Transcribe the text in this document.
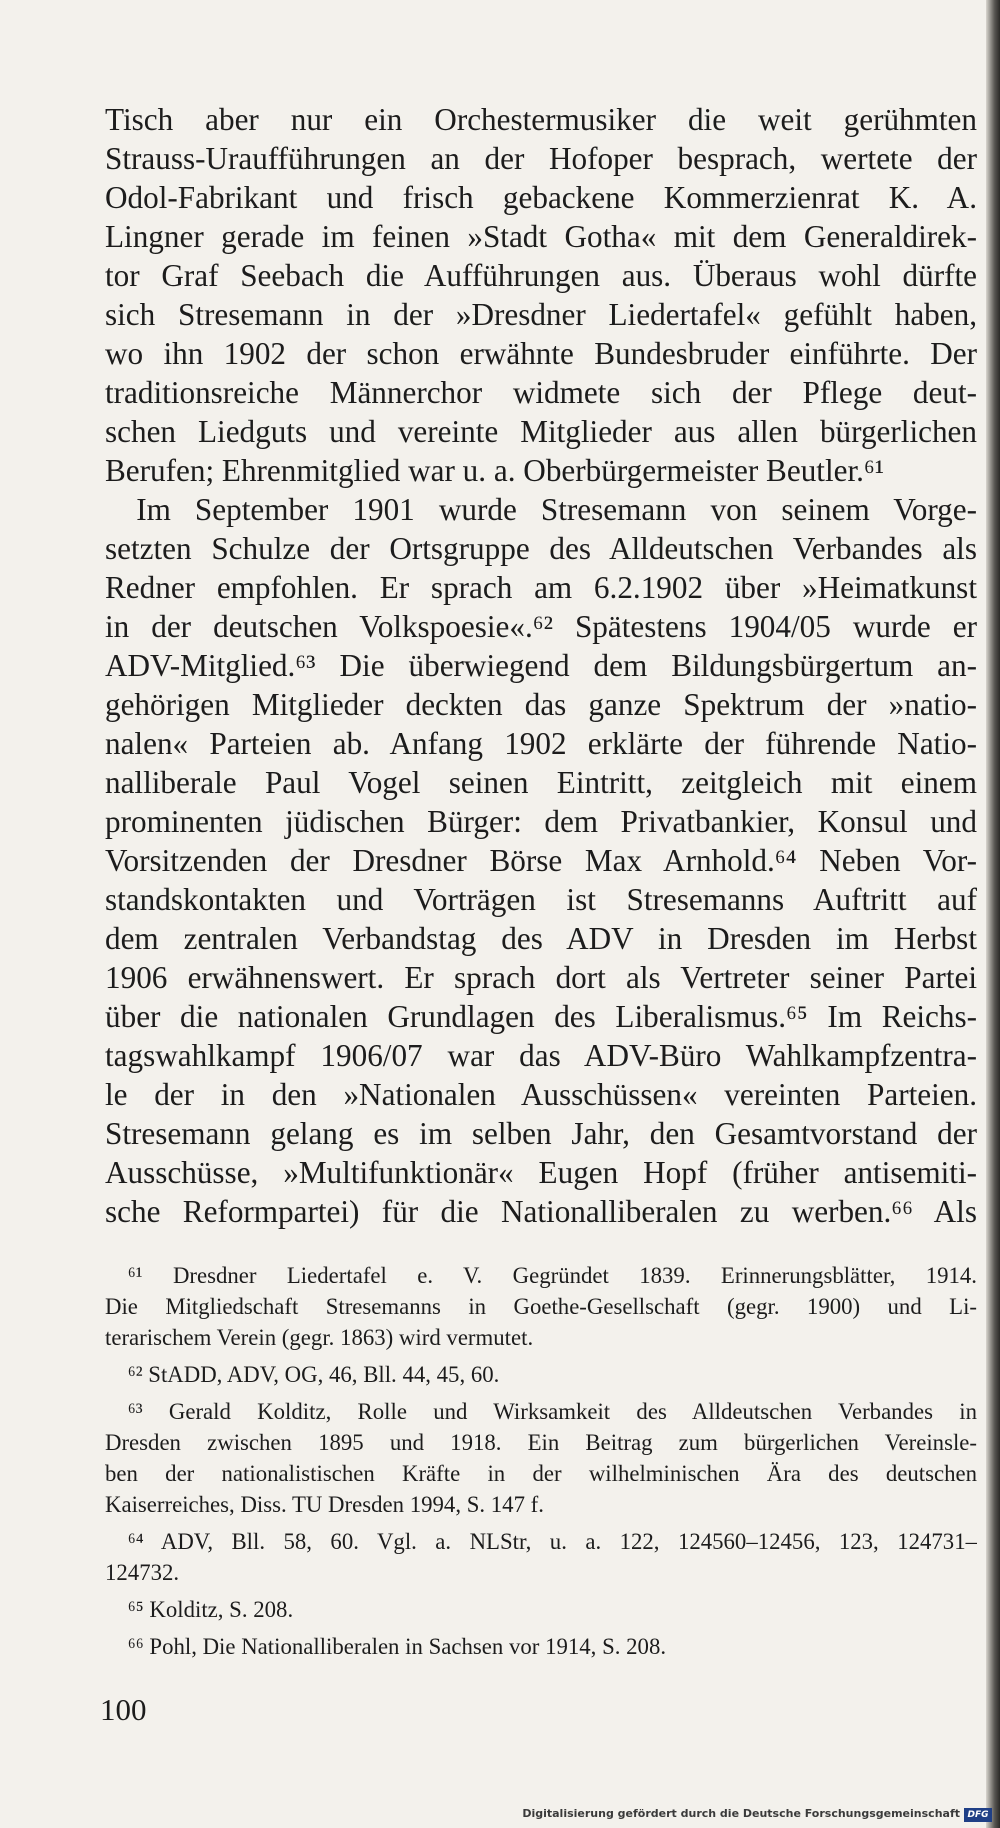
Tisch aber nur ein Orchestermusiker die weit gerühmten
Strauss-Uraufführungen an der Hofoper besprach, wertete der
Odol-Fabrikant und frisch gebackene Kommerzienrat K. A.
Lingner gerade im feinen »Stadt Gotha« mit dem Generaldirek-
tor Graf Seebach die Aufführungen aus. Überaus wohl dürfte
sich Stresemann in der »Dresdner Liedertafel« gefühlt haben,
wo ihn 1902 der schon erwähnte Bundesbruder einführte. Der
traditionsreiche Männerchor widmete sich der Pflege deut-
schen Liedguts und vereinte Mitglieder aus allen bürgerlichen
Berufen; Ehrenmitglied war u. a. Oberbürgermeister Beutler.⁶¹
 Im September 1901 wurde Stresemann von seinem Vorge-
setzten Schulze der Ortsgruppe des Alldeutschen Verbandes als
Redner empfohlen. Er sprach am 6.2.1902 über »Heimatkunst
in der deutschen Volkspoesie«.⁶² Spätestens 1904/05 wurde er
ADV-Mitglied.⁶³ Die überwiegend dem Bildungsbürgertum an-
gehörigen Mitglieder deckten das ganze Spektrum der »natio-
nalen« Parteien ab. Anfang 1902 erklärte der führende Natio-
nalliberale Paul Vogel seinen Eintritt, zeitgleich mit einem
prominenten jüdischen Bürger: dem Privatbankier, Konsul und
Vorsitzenden der Dresdner Börse Max Arnhold.⁶⁴ Neben Vor-
standskontakten und Vorträgen ist Stresemanns Auftritt auf
dem zentralen Verbandstag des ADV in Dresden im Herbst
1906 erwähnenswert. Er sprach dort als Vertreter seiner Partei
über die nationalen Grundlagen des Liberalismus.⁶⁵ Im Reichs-
tagswahlkampf 1906/07 war das ADV-Büro Wahlkampfzentra-
le der in den »Nationalen Ausschüssen« vereinten Parteien.
Stresemann gelang es im selben Jahr, den Gesamtvorstand der
Ausschüsse, »Multifunktionär« Eugen Hopf (früher antisemiti-
sche Reformpartei) für die Nationalliberalen zu werben.⁶⁶ Als
 ⁶¹ Dresdner Liedertafel e. V. Gegründet 1839. Erinnerungsblätter, 1914.
Die Mitgliedschaft Stresemanns in Goethe-Gesellschaft (gegr. 1900) und Li-
terarischem Verein (gegr. 1863) wird vermutet.
 ⁶² StADD, ADV, OG, 46, Bll. 44, 45, 60.
 ⁶³ Gerald Kolditz, Rolle und Wirksamkeit des Alldeutschen Verbandes in
Dresden zwischen 1895 und 1918. Ein Beitrag zum bürgerlichen Vereinsle-
ben der nationalistischen Kräfte in der wilhelminischen Ära des deutschen
Kaiserreiches, Diss. TU Dresden 1994, S. 147 f.
 ⁶⁴ ADV, Bll. 58, 60. Vgl. a. NLStr, u. a. 122, 124560–12456, 123, 124731–
124732.
 ⁶⁵ Kolditz, S. 208.
 ⁶⁶ Pohl, Die Nationalliberalen in Sachsen vor 1914, S. 208.
100
Digitalisierung gefördert durch die Deutsche Forschungsgemeinschaft DFG
